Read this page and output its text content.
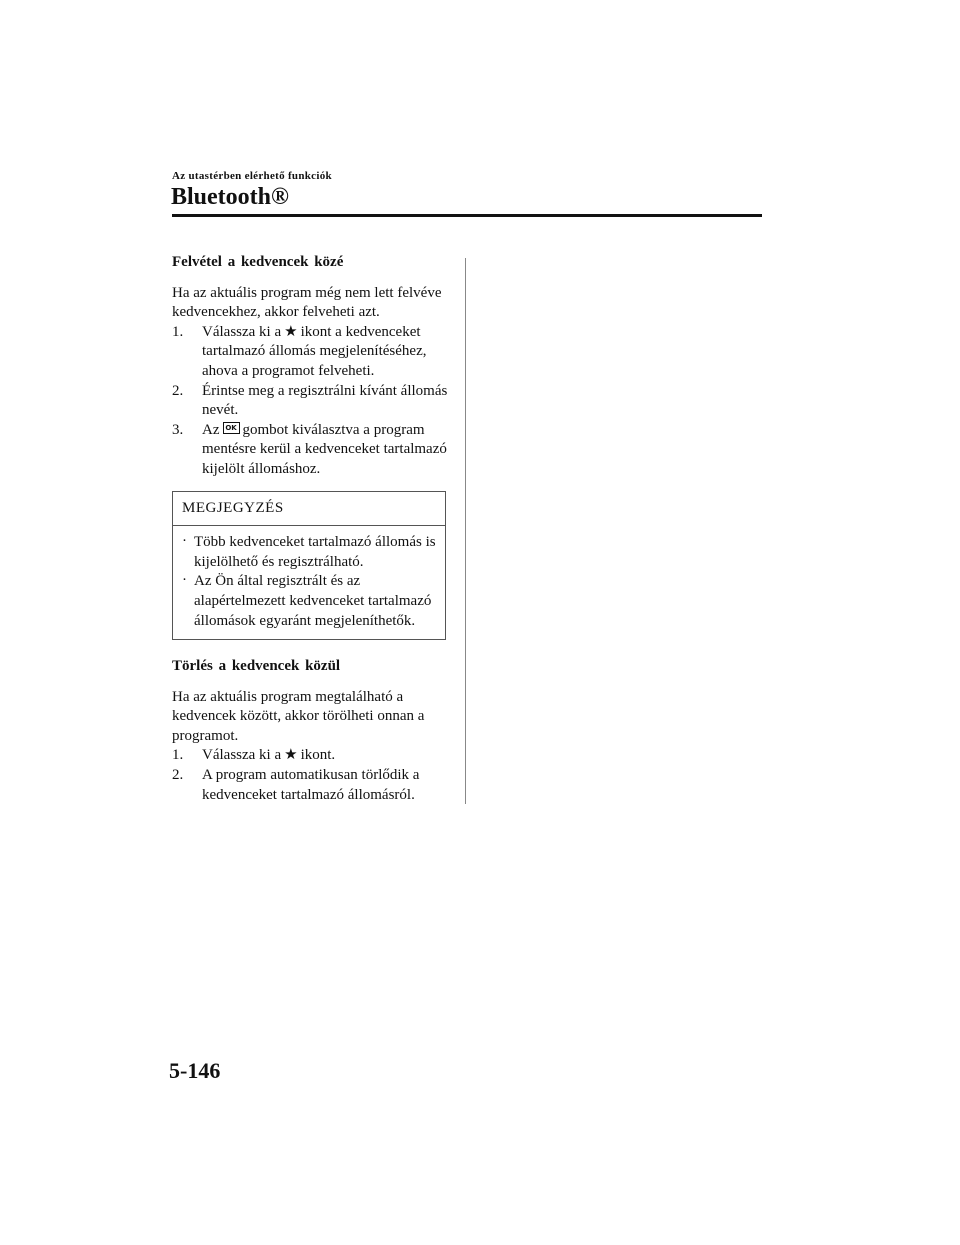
Az utastérben elérhető funkciók
Bluetooth®
Felvétel a kedvencek közé

Ha az aktuális program még nem lett felvéve kedvencekhez, akkor felveheti azt.

1. Válassza ki a ★ ikont a kedvenceket tartalmazó állomás megjelenítéséhez, ahova a programot felveheti.
2. Érintse meg a regisztrálni kívánt állomás nevét.
3. Az OK gombot kiválasztva a program mentésre kerül a kedvenceket tartalmazó kijelölt állomáshoz.
MEGJEGYZÉS
· Több kedvenceket tartalmazó állomás is kijelölhető és regisztrálható.
· Az Ön által regisztrált és az alapértelmezett kedvenceket tartalmazó állomások egyaránt megjeleníthetők.
Törlés a kedvencek közül

Ha az aktuális program megtalálható a kedvencek között, akkor törölheti onnan a programot.

1. Válassza ki a ★ ikont.
2. A program automatikusan törlődik a kedvenceket tartalmazó állomásról.
5-146
